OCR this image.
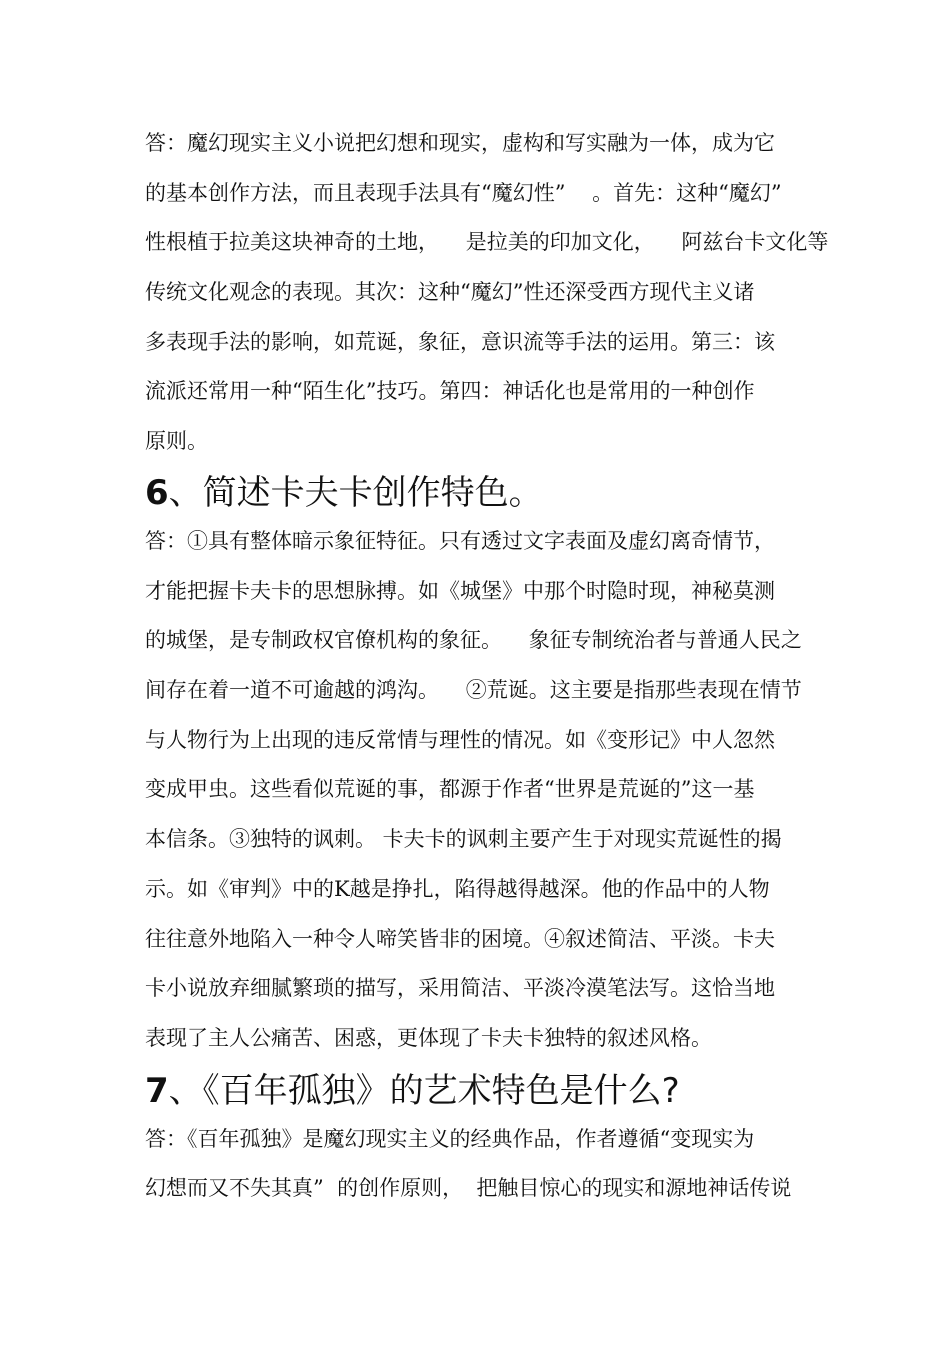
答：魔幻现实主义小说把幻想和现实，虚构和写实融为一体，成为它
的基本创作方法，而且表现手法具有“魔幻性”    。首先：这种“魔幻”
性根植于拉美这块神奇的土地，    是拉美的印加文化，    阿兹台卡文化等
传统文化观念的表现。其次：这种“魔幻”性还深受西方现代主义诸
多表现手法的影响，如荒诞，象征，意识流等手法的运用。第三：该
流派还常用一种“陌生化”技巧。第四：神话化也是常用的一种创作
原则。
6、简述卡夫卡创作特色。
答：①具有整体暗示象征特征。只有透过文字表面及虚幻离奇情节，
才能把握卡夫卡的思想脉搏。如《城堡》中那个时隐时现，神秘莫测
的城堡，是专制政权官僚机构的象征。    象征专制统治者与普通人民之
间存在着一道不可逾越的鸿沟。    ②荒诞。这主要是指那些表现在情节
与人物行为上出现的违反常情与理性的情况。如《变形记》中人忽然
变成甲虫。这些看似荒诞的事，都源于作者“世界是荒诞的”这一基
本信条。③独特的讽刺。 卡夫卡的讽刺主要产生于对现实荒诞性的揭
示。如《审判》中的K越是挣扎，陷得越得越深。他的作品中的人物
往往意外地陷入一种令人啼笑皆非的困境。④叙述简洁、平淡。卡夫
卡小说放弃细腻繁琐的描写，采用简洁、平淡冷漠笔法写。这恰当地
表现了主人公痛苦、困惑，更体现了卡夫卡独特的叙述风格。
7、《百年孤独》的艺术特色是什么?
答：《百年孤独》是魔幻现实主义的经典作品，作者遵循“变现实为
幻想而又不失其真”  的创作原则，  把触目惊心的现实和源地神话传说
